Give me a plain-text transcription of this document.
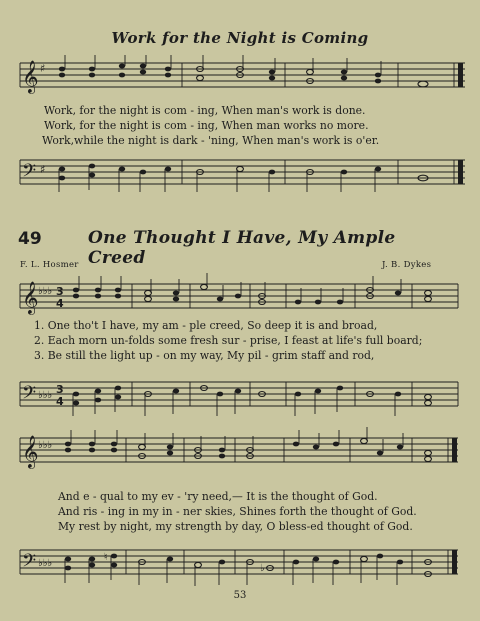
Work for the Night is Coming
𝄞 ♯
Work, for the night is com - ing, When man's work is done.
Work, for the night is com - ing, When man works no more.
Work,while the night is dark - 'ning, When man's work is o'er.
𝄢 ♯
49	One Thought I Have, My Ample Creed
F. L. Hosmer	J. B. Dykes
𝄞 ♭♭♭ 3
4
1. One tho't I have, my am - ple creed, So deep it is and broad,
2. Each morn un-folds some fresh sur - prise, I feast at life's full board;
3. Be still the light up - on my way, My pil - grim staff and rod,
𝄢 ♭♭♭ 3
4
𝄞 ♭♭♭
And e - qual to my ev - 'ry need,— It is the thought of God.
And ris - ing in my in - ner skies, Shines forth the thought of God.
My rest by night, my strength by day, O bless-ed thought of God.
𝄢 ♭♭♭
♮
♭
53
